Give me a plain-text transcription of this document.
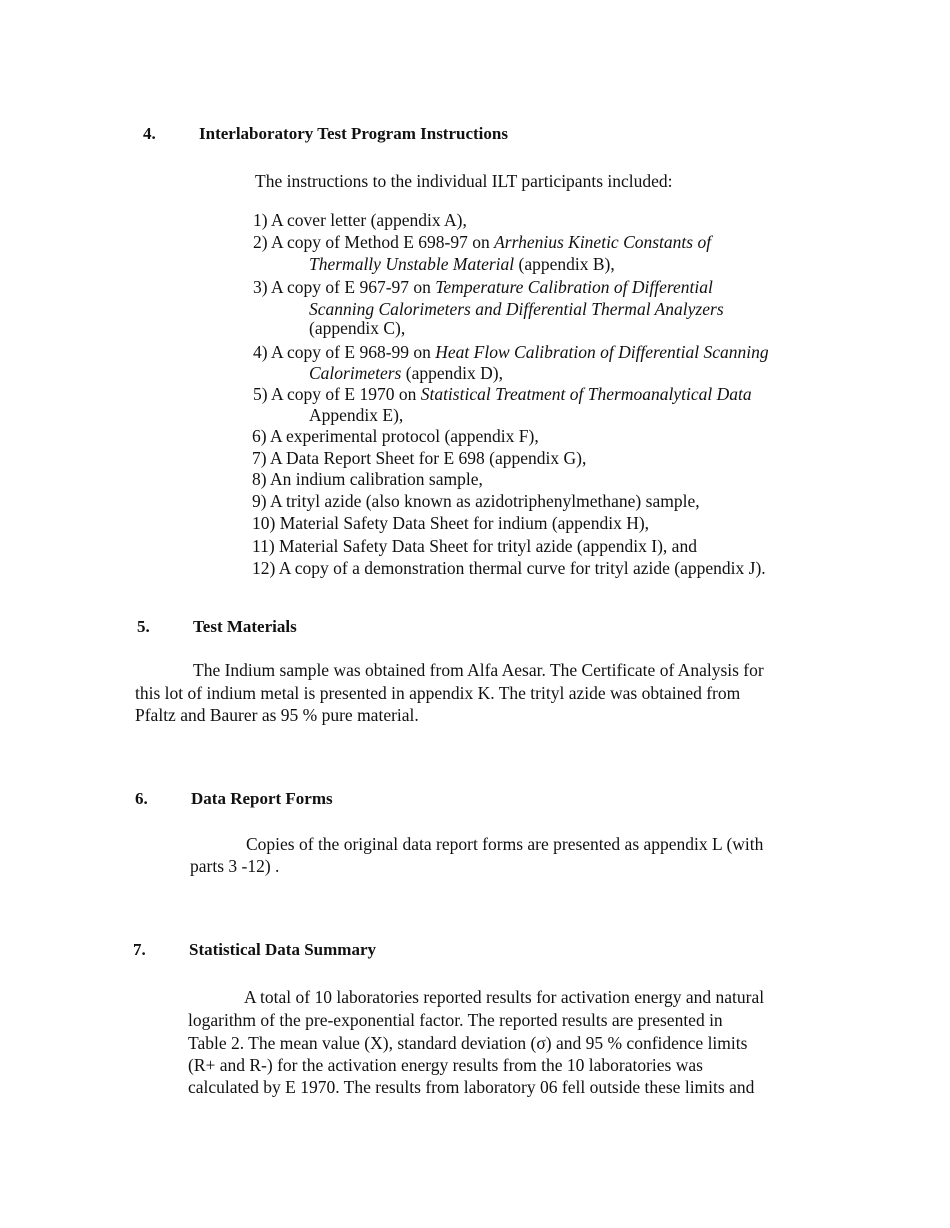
4.	Interlaboratory Test Program Instructions
The instructions to the individual ILT participants included:
1) A cover letter (appendix A),
2) A copy of Method E 698-97 on Arrhenius Kinetic Constants of
Thermally Unstable Material (appendix B),
3) A copy of E 967-97 on Temperature Calibration of Differential
Scanning Calorimeters and Differential Thermal Analyzers
(appendix C),
4) A copy of E 968-99 on Heat Flow Calibration of Differential Scanning
Calorimeters (appendix D),
5) A copy of E 1970 on Statistical Treatment of Thermoanalytical Data
Appendix E),
6) A experimental protocol (appendix F),
7) A Data Report Sheet for E 698 (appendix G),
8) An indium calibration sample,
9) A trityl azide (also known as azidotriphenylmethane) sample,
10) Material Safety Data Sheet for indium (appendix H),
11) Material Safety Data Sheet for trityl azide (appendix I), and
12) A copy of a demonstration thermal curve for trityl azide (appendix J).
5.	Test Materials
The Indium sample was obtained from Alfa Aesar. The Certificate of Analysis for
this lot of indium metal is presented in appendix K. The trityl azide was obtained from
Pfaltz and Baurer as 95 % pure material.
6.	Data Report Forms
Copies of the original data report forms are presented as appendix L (with
parts 3 -12) .
7.	Statistical Data Summary
A total of 10 laboratories reported results for activation energy and natural
logarithm of the pre-exponential factor. The reported results are presented in
Table 2. The mean value (X), standard deviation (σ) and 95 % confidence limits
(R+ and R-) for the activation energy results from the 10 laboratories was
calculated by E 1970. The results from laboratory 06 fell outside these limits and
